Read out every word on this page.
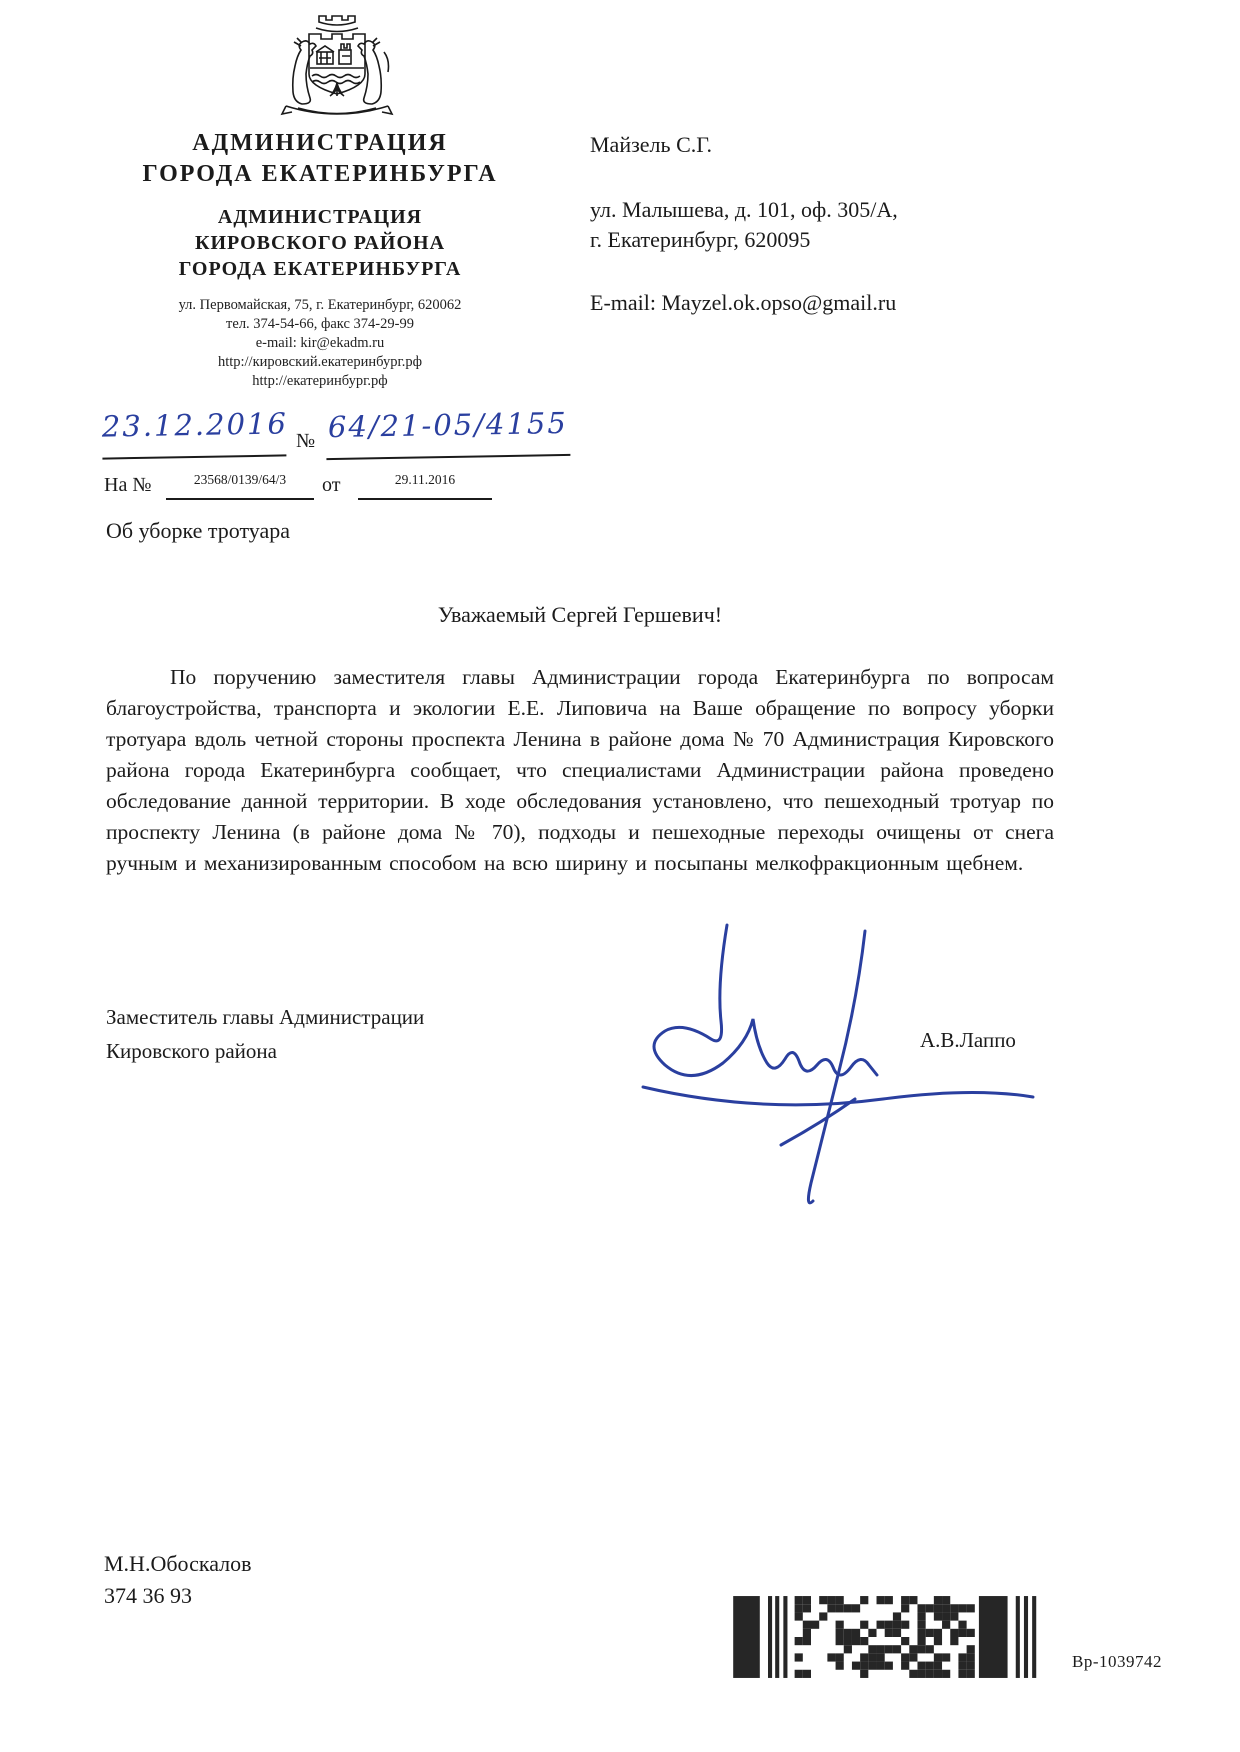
АДМИНИСТРАЦИЯ
ГОРОДА ЕКАТЕРИНБУРГА
АДМИНИСТРАЦИЯ
КИРОВСКОГО РАЙОНА
ГОРОДА ЕКАТЕРИНБУРГА
ул. Первомайская, 75, г. Екатеринбург, 620062
тел. 374-54-66, факс 374-29-99
e-mail: kir@ekadm.ru
http://кировский.екатеринбург.рф
http://екатеринбург.рф
Майзель С.Г.
ул. Малышева, д. 101, оф. 305/А,
г. Екатеринбург, 620095
E-mail: Mayzel.ok.opso@gmail.ru
23.12.2016 № 64/21-05/4155
На №	23568/0139/64/3	от	29.11.2016
Об уборке тротуара
Уважаемый Сергей Гершевич!
По поручению заместителя главы Администрации города Екатеринбурга по вопросам благоустройства, транспорта и экологии Е.Е. Липовича на Ваше обращение по вопросу уборки тротуара вдоль четной стороны проспекта Ленина в районе дома № 70 Администрация Кировского района города Екатеринбурга сообщает, что специалистами Администрации района проведено обследование данной территории. В ходе обследования установлено, что пешеходный тротуар по проспекту Ленина (в районе дома № 70), подходы и пешеходные переходы очищены от снега ручным и механизированным способом на всю ширину и посыпаны мелкофракционным щебнем.
Заместитель главы Администрации
Кировского района	А.В.Лаппо
М.Н.Обоскалов
374 36 93
Вр-1039742
